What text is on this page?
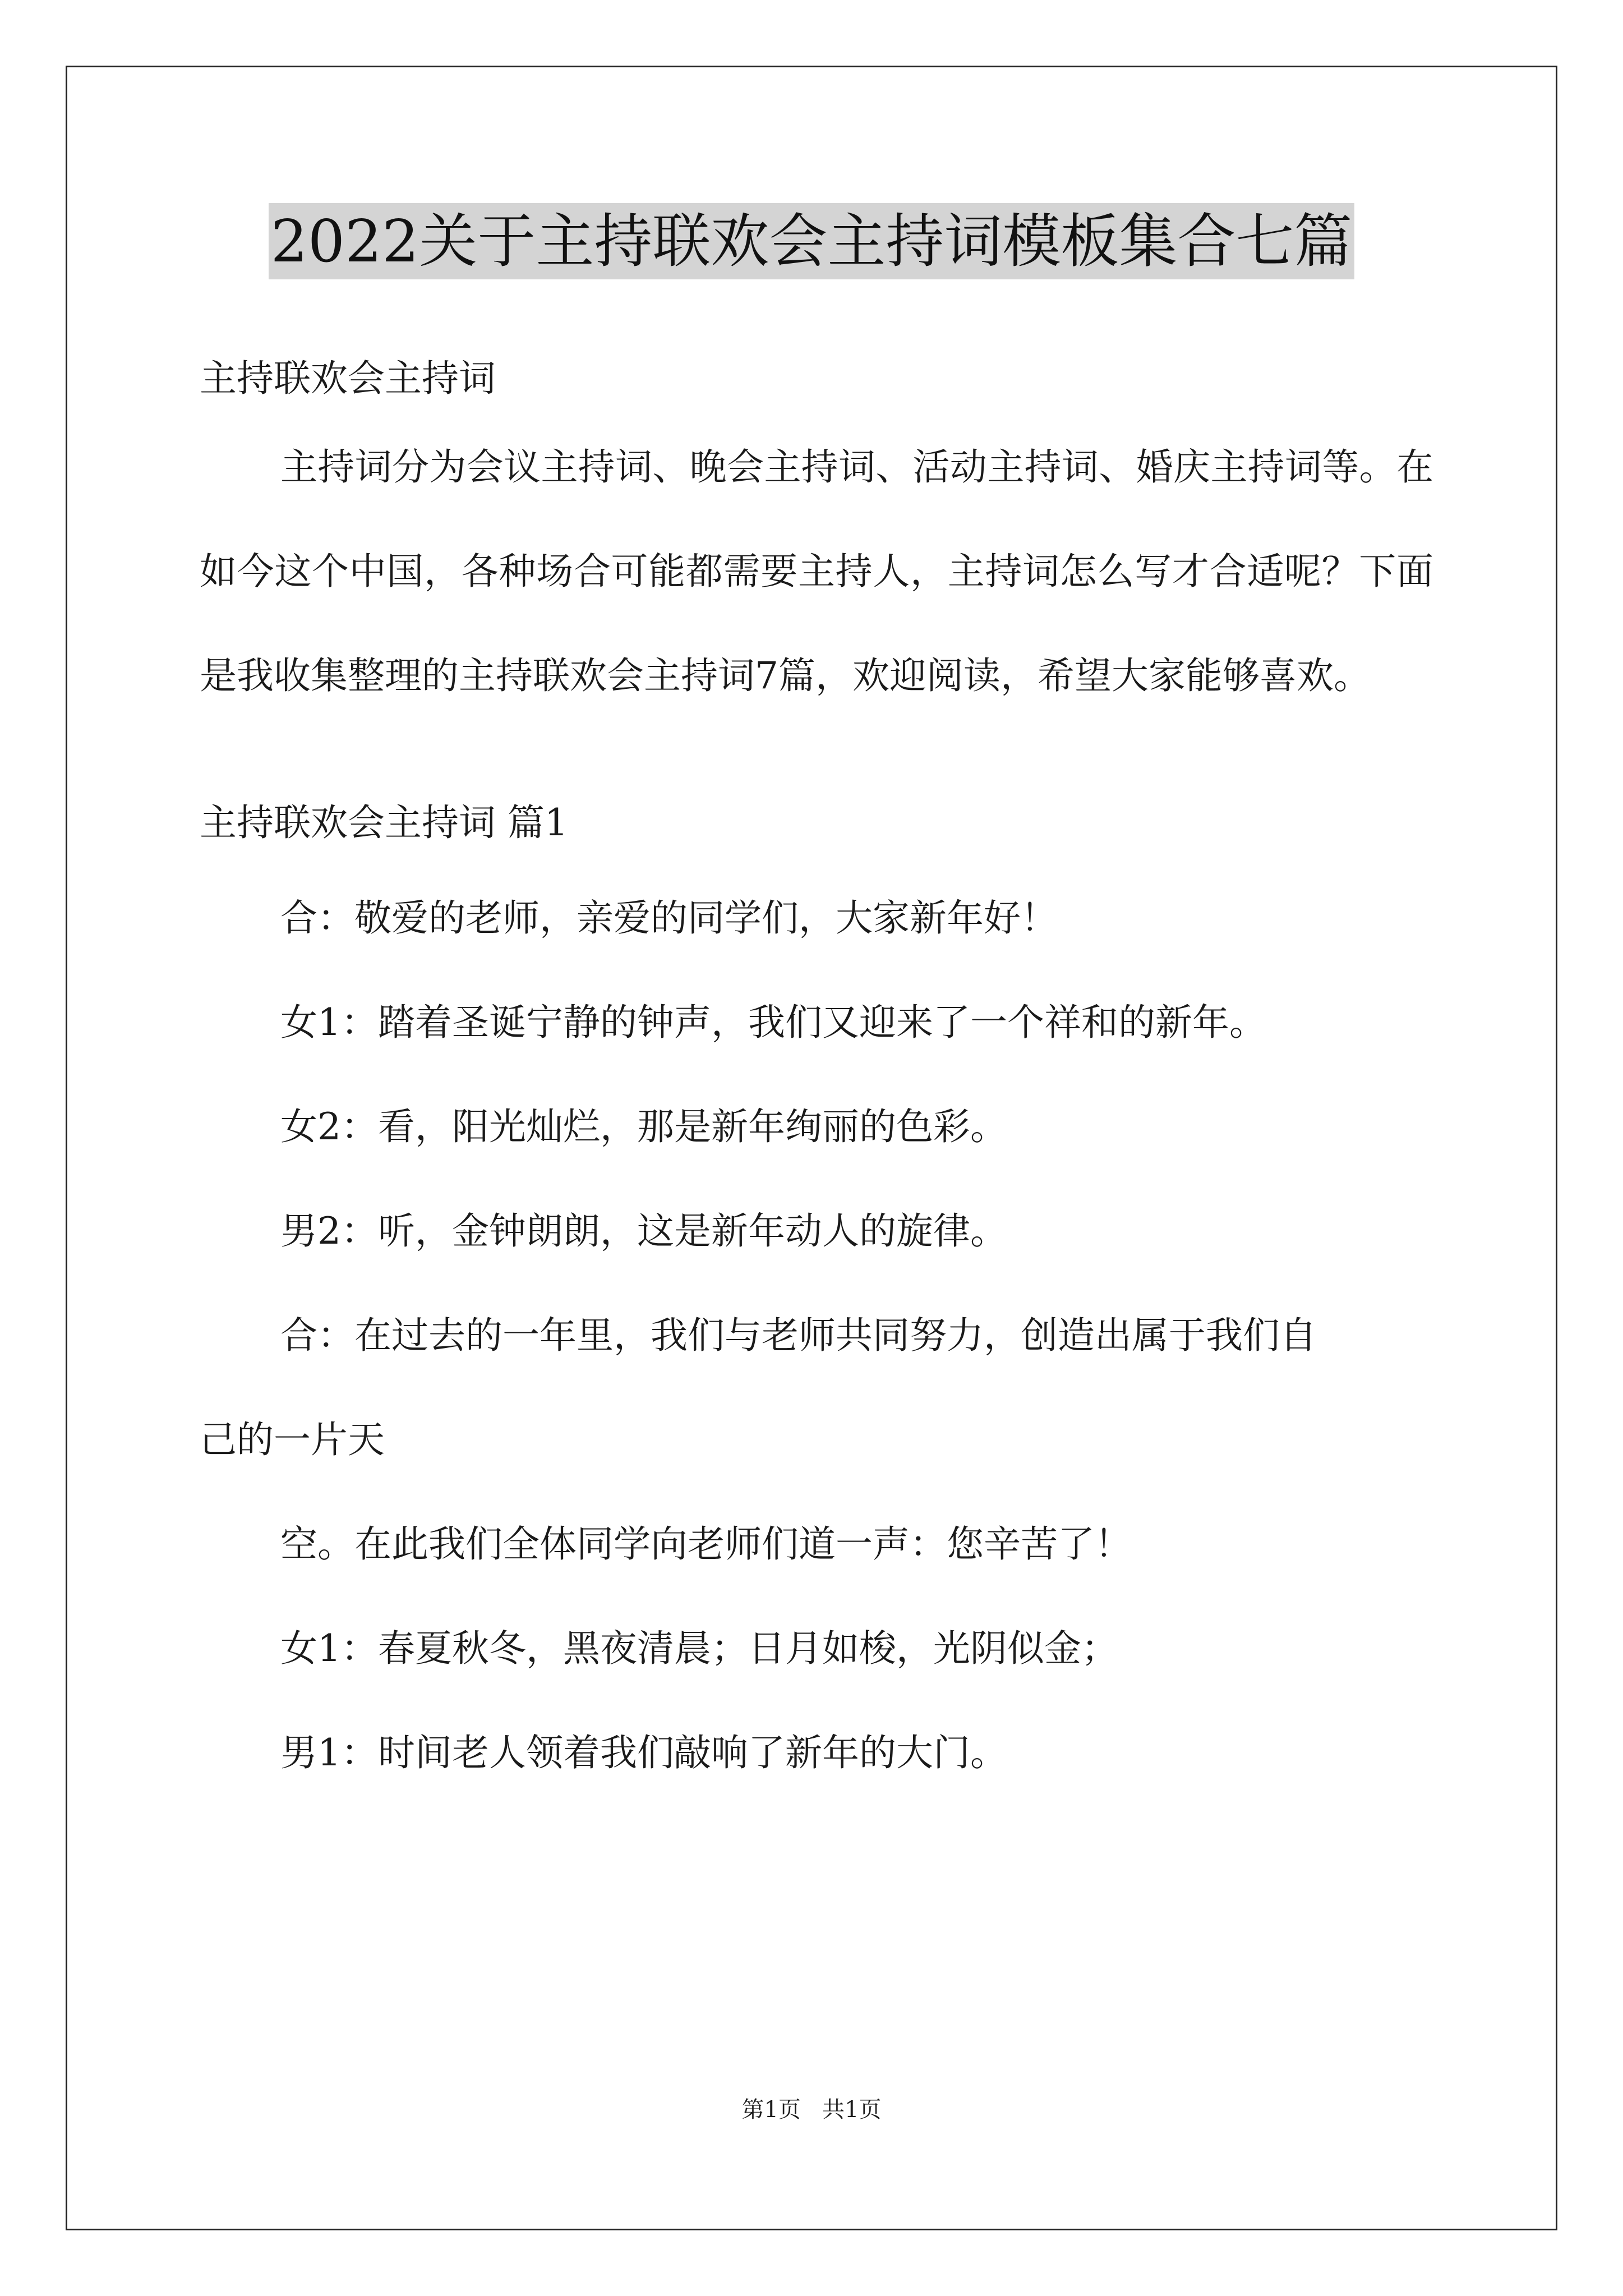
2022关于主持联欢会主持词模板集合七篇

主持联欢会主持词

主持词分为会议主持词、晚会主持词、活动主持词、婚庆主持词等。在如今这个中国，各种场合可能都需要主持人，主持词怎么写才合适呢？下面是我收集整理的主持联欢会主持词7篇，欢迎阅读，希望大家能够喜欢。

主持联欢会主持词 篇1

合：敬爱的老师，亲爱的同学们，大家新年好！

女1：踏着圣诞宁静的钟声，我们又迎来了一个祥和的新年。

女2：看，阳光灿烂，那是新年绚丽的色彩。

男2：听，金钟朗朗，这是新年动人的旋律。

合：在过去的一年里，我们与老师共同努力，创造出属于我们自

己的一片天

空。在此我们全体同学向老师们道一声：您辛苦了！

女1：春夏秋冬，黑夜清晨；日月如梭，光阴似金；

男1：时间老人领着我们敲响了新年的大门。

第1页   共1页
